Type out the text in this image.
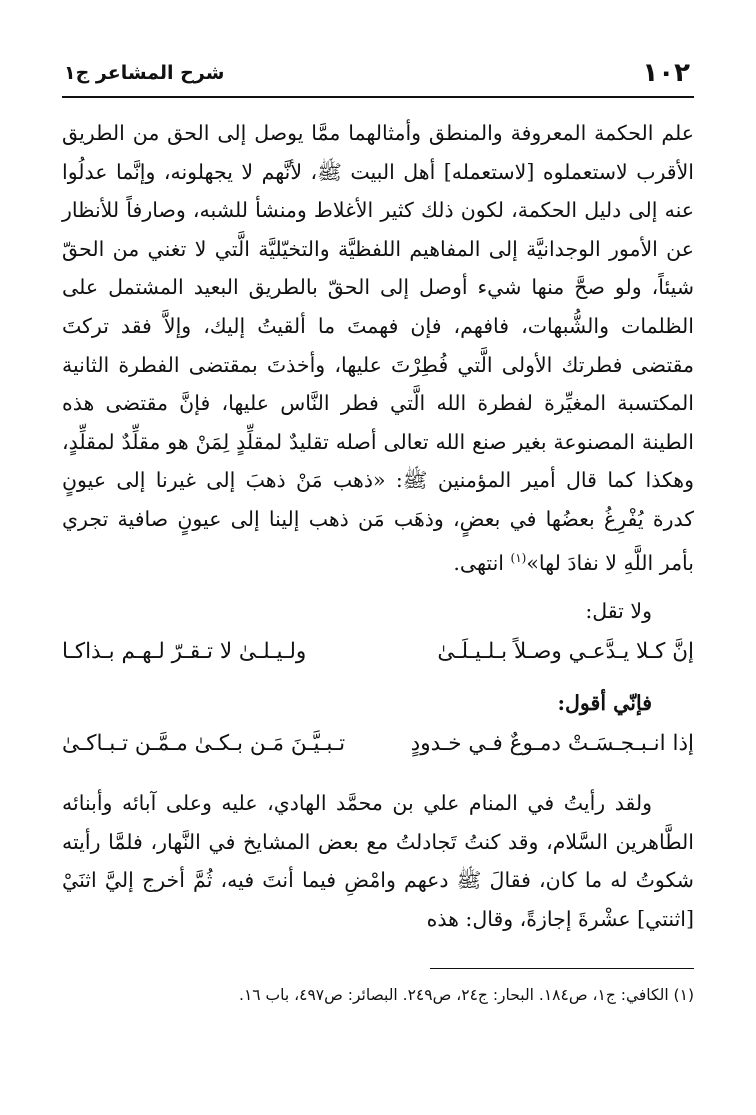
١٠٢
شرح المشاعر ج١

علم الحكمة المعروفة والمنطق وأمثالهما ممَّا يوصل إلى الحق من الطريق الأقرب لاستعملوه [لاستعمله] أهل البيت ﷺ، لأنَّهم لا يجهلونه، وإنَّما عدلُوا عنه إلى دليل الحكمة، لكون ذلك كثير الأغلاط ومنشأ للشبه، وصارفاً للأنظار عن الأمور الوجدانيَّة إلى المفاهيم اللفظيَّة والتخيّليَّة الَّتي لا تغني من الحقّ شيئاً، ولو صحَّ منها شيء أوصل إلى الحقّ بالطريق البعيد المشتمل على الظلمات والشُّبهات، فافهم، فإن فهمتَ ما ألقيتُ إليك، وإلاَّ فقد تركتَ مقتضى فطرتك الأولى الَّتي فُطِرْتَ عليها، وأخذتَ بمقتضى الفطرة الثانية المكتسبة المغيِّرة لفطرة الله الَّتي فطر النَّاس عليها، فإنَّ مقتضى هذه الطينة المصنوعة بغير صنع الله تعالى أصله تقليدٌ لمقلِّدٍ لِمَنْ هو مقلِّدٌ لمقلِّدٍ، وهكذا كما قال أمير المؤمنين ﷺ: «ذهب مَنْ ذهبَ إلى غيرنا إلى عيونٍ كدرة يُفْرِغُ بعضُها في بعضٍ، وذهَب مَن ذهب إلينا إلى عيونٍ صافية تجري بأمر اللَّهِ لا نفادَ لها»$^{(١)}$ انتهى.

ولا تقل:

إنَّ كـلا يـدَّعـي وصـلاً بـلـيـلَـىٰ
ولـيـلـىٰ لا تـقـرّ لـهـم بـذاكـا

فإنّي أقول:

إذا انـبـجـسَـتْ دمـوعٌ فـي خـدودٍ
تـبـيَّـنَ مَـن بـكـىٰ مـمَّـن تـبـاكـىٰ

ولقد رأيتُ في المنام علي بن محمَّد الهادي، عليه وعلى آبائه وأبنائه الطَّاهرين السَّلام، وقد كنتُ تَجادلتُ مع بعض المشايخ في النَّهار، فلمَّا رأيته شكوتُ له ما كان، فقالَ ﷺ دعهم وامْضِ فيما أنتَ فيه، ثُمَّ أخرج إليَّ اثنَيْ [اثنتي] عشْرةَ إجازةً، وقال: هذه

(١) الكافي: ج١، ص١٨٤. البحار: ج٢٤، ص٢٤٩. البصائر: ص٤٩٧، باب ١٦.
